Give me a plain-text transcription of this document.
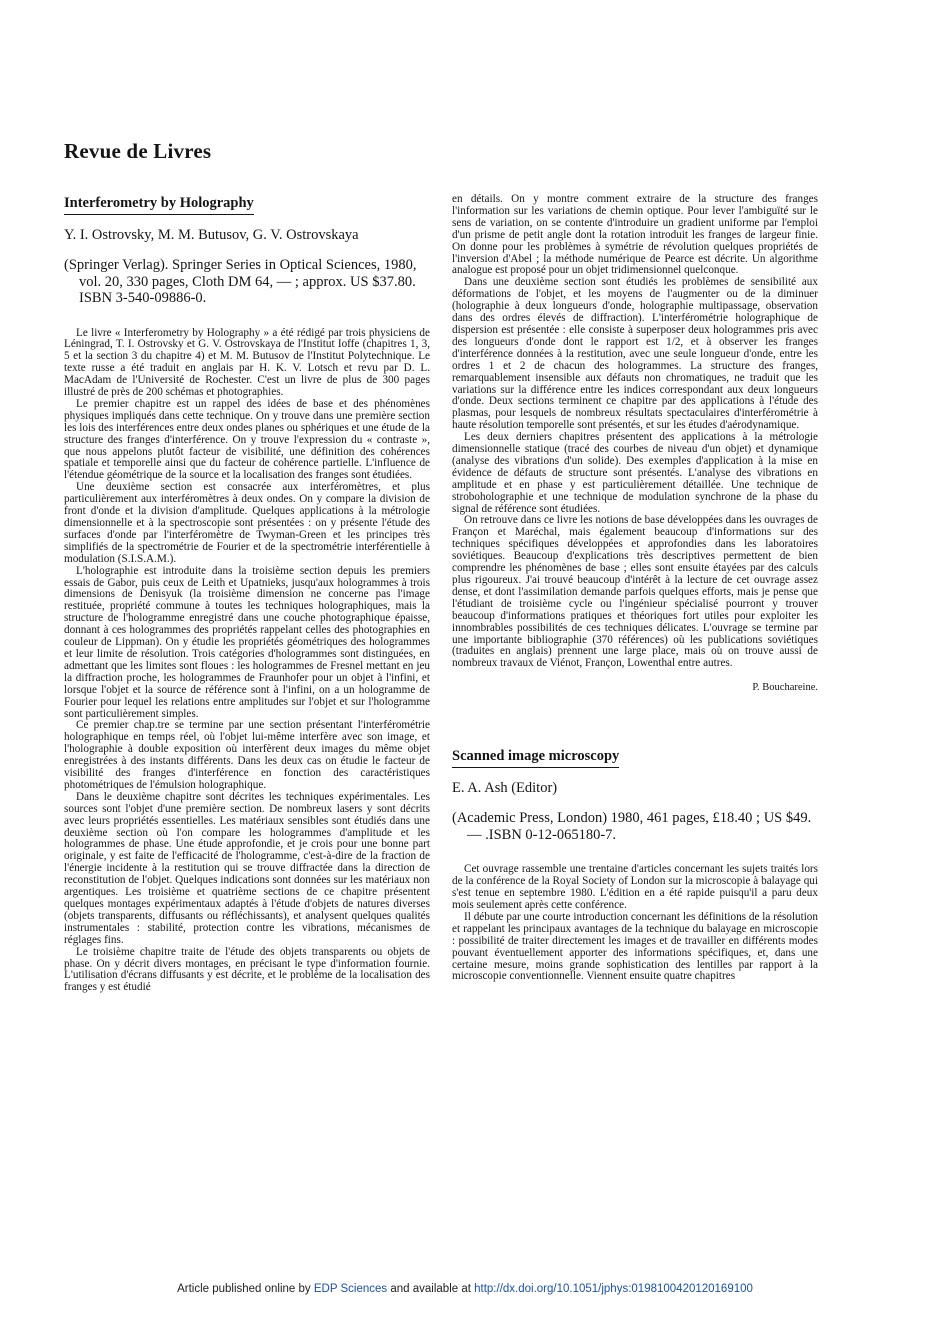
Revue de Livres
Interferometry by Holography

Y. I. Ostrovsky, M. M. Butusov, G. V. Ostrovskaya

(Springer Verlag). Springer Series in Optical Sciences, 1980, vol. 20, 330 pages, Cloth DM 64, — ; approx. US $37.80. ISBN 3-540-09886-0.

Le livre « Interferometry by Holography » a été rédigé par trois physiciens de Léningrad, T. I. Ostrovsky et G. V. Ostrovskaya de l'Institut Ioffe (chapitres 1, 3, 5 et la section 3 du chapitre 4) et M. M. Butusov de l'Institut Polytechnique. Le texte russe a été traduit en anglais par H. K. V. Lotsch et revu par D. L. MacAdam de l'Université de Rochester. C'est un livre de plus de 300 pages illustré de près de 200 schémas et photographies.

Le premier chapitre est un rappel des idées de base et des phénomènes physiques impliqués dans cette technique. On y trouve dans une première section les lois des interférences entre deux ondes planes ou sphériques et une étude de la structure des franges d'interférence. On y trouve l'expression du « contraste », que nous appelons plutôt facteur de visibilité, une définition des cohérences spatiale et temporelle ainsi que du facteur de cohérence partielle. L'influence de l'étendue géométrique de la source et la localisation des franges sont étudiées.

Une deuxième section est consacrée aux interféromètres, et plus particulièrement aux interféromètres à deux ondes. On y compare la division de front d'onde et la division d'amplitude. Quelques applications à la métrologie dimensionnelle et à la spectroscopie sont présentées : on y présente l'étude des surfaces d'onde par l'interféromètre de Twyman-Green et les principes très simplifiés de la spectrométrie de Fourier et de la spectrométrie interférentielle à modulation (S.I.S.A.M.).

L'holographie est introduite dans la troisième section depuis les premiers essais de Gabor, puis ceux de Leith et Upatnieks, jusqu'aux hologrammes à trois dimensions de Denisyuk (la troisième dimension ne concerne pas l'image restituée, propriété commune à toutes les techniques holographiques, mais la structure de l'hologramme enregistré dans une couche photographique épaisse, donnant à ces hologrammes des propriétés rappelant celles des photographies en couleur de Lippman). On y étudie les propriétés géométriques des hologrammes et leur limite de résolution. Trois catégories d'hologrammes sont distinguées, en admettant que les limites sont floues : les hologrammes de Fresnel mettant en jeu la diffraction proche, les hologrammes de Fraunhofer pour un objet à l'infini, et lorsque l'objet et la source de référence sont à l'infini, on a un hologramme de Fourier pour lequel les relations entre amplitudes sur l'objet et sur l'hologramme sont particulièrement simples.

Ce premier chap.tre se termine par une section présentant l'interférométrie holographique en temps réel, où l'objet lui-même interfère avec son image, et l'holographie à double exposition où interfèrent deux images du même objet enregistrées à des instants différents. Dans les deux cas on étudie le facteur de visibilité des franges d'interférence en fonction des caractéristiques photométriques de l'émulsion holographique.

Dans le deuxième chapitre sont décrites les techniques expérimentales. Les sources sont l'objet d'une première section. De nombreux lasers y sont décrits avec leurs propriétés essentielles. Les matériaux sensibles sont étudiés dans une deuxième section où l'on compare les hologrammes d'amplitude et les hologrammes de phase. Une étude approfondie, et je crois pour une bonne part originale, y est faite de l'efficacité de l'hologramme, c'est-à-dire de la fraction de l'énergie incidente à la restitution qui se trouve diffractée dans la direction de reconstitution de l'objet. Quelques indications sont données sur les matériaux non argentiques. Les troisième et quatrième sections de ce chapitre présentent quelques montages expérimentaux adaptés à l'étude d'objets de natures diverses (objets transparents, diffusants ou réfléchissants), et analysent quelques qualités instrumentales : stabilité, protection contre les vibrations, mécanismes de réglages fins.

Le troisième chapitre traite de l'étude des objets transparents ou objets de phase. On y décrit divers montages, en précisant le type d'information fournie. L'utilisation d'écrans diffusants y est décrite, et le problème de la localisation des franges y est étudié

en détails. On y montre comment extraire de la structure des franges l'information sur les variations de chemin optique. Pour lever l'ambiguïté sur le sens de variation, on se contente d'introduire un gradient uniforme par l'emploi d'un prisme de petit angle dont la rotation introduit les franges de largeur finie. On donne pour les problèmes à symétrie de révolution quelques propriétés de l'inversion d'Abel ; la méthode numérique de Pearce est décrite. Un algorithme analogue est proposé pour un objet tridimensionnel quelconque.

Dans une deuxième section sont étudiés les problèmes de sensibilité aux déformations de l'objet, et les moyens de l'augmenter ou de la diminuer (holographie à deux longueurs d'onde, holographie multipassage, observation dans des ordres élevés de diffraction). L'interférométrie holographique de dispersion est présentée : elle consiste à superposer deux hologrammes pris avec des longueurs d'onde dont le rapport est 1/2, et à observer les franges d'interférence données à la restitution, avec une seule longueur d'onde, entre les ordres 1 et 2 de chacun des hologrammes. La structure des franges, remarquablement insensible aux défauts non chromatiques, ne traduit que les variations sur la différence entre les indices correspondant aux deux longueurs d'onde. Deux sections terminent ce chapitre par des applications à l'étude des plasmas, pour lesquels de nombreux résultats spectaculaires d'interférométrie à haute résolution temporelle sont présentés, et sur les études d'aérodynamique.

Les deux derniers chapitres présentent des applications à la métrologie dimensionnelle statique (tracé des courbes de niveau d'un objet) et dynamique (analyse des vibrations d'un solide). Des exemples d'application à la mise en évidence de défauts de structure sont présentés. L'analyse des vibrations en amplitude et en phase y est particulièrement détaillée. Une technique de stroboholographie et une technique de modulation synchrone de la phase du signal de référence sont étudiées.

On retrouve dans ce livre les notions de base développées dans les ouvrages de Françon et Maréchal, mais également beaucoup d'informations sur des techniques spécifiques développées et approfondies dans les laboratoires soviétiques. Beaucoup d'explications très descriptives permettent de bien comprendre les phénomènes de base ; elles sont ensuite étayées par des calculs plus rigoureux. J'ai trouvé beaucoup d'intérêt à la lecture de cet ouvrage assez dense, et dont l'assimilation demande parfois quelques efforts, mais je pense que l'étudiant de troisième cycle ou l'ingénieur spécialisé pourront y trouver beaucoup d'informations pratiques et théoriques fort utiles pour exploiter les innombrables possibilités de ces techniques délicates. L'ouvrage se termine par une importante bibliographie (370 références) où les publications soviétiques (traduites en anglais) prennent une large place, mais où on trouve aussi de nombreux travaux de Viénot, Françon, Lowenthal entre autres.

P. Bouchareine.

Scanned image microscopy

E. A. Ash (Editor)

(Academic Press, London) 1980, 461 pages, £18.40 ; US $49. — .ISBN 0-12-065180-7.

Cet ouvrage rassemble une trentaine d'articles concernant les sujets traités lors de la conférence de la Royal Society of London sur la microscopie à balayage qui s'est tenue en septembre 1980. L'édition en a été rapide puisqu'il a paru deux mois seulement après cette conférence.

Il débute par une courte introduction concernant les définitions de la résolution et rappelant les principaux avantages de la technique du balayage en microscopie : possibilité de traiter directement les images et de travailler en différents modes pouvant éventuellement apporter des informations spécifiques, et, dans une certaine mesure, moins grande sophistication des lentilles par rapport à la microscopie conventionnelle. Viennent ensuite quatre chapitres

Article published online by EDP Sciences and available at http://dx.doi.org/10.1051/jphys:0198100420120169100
